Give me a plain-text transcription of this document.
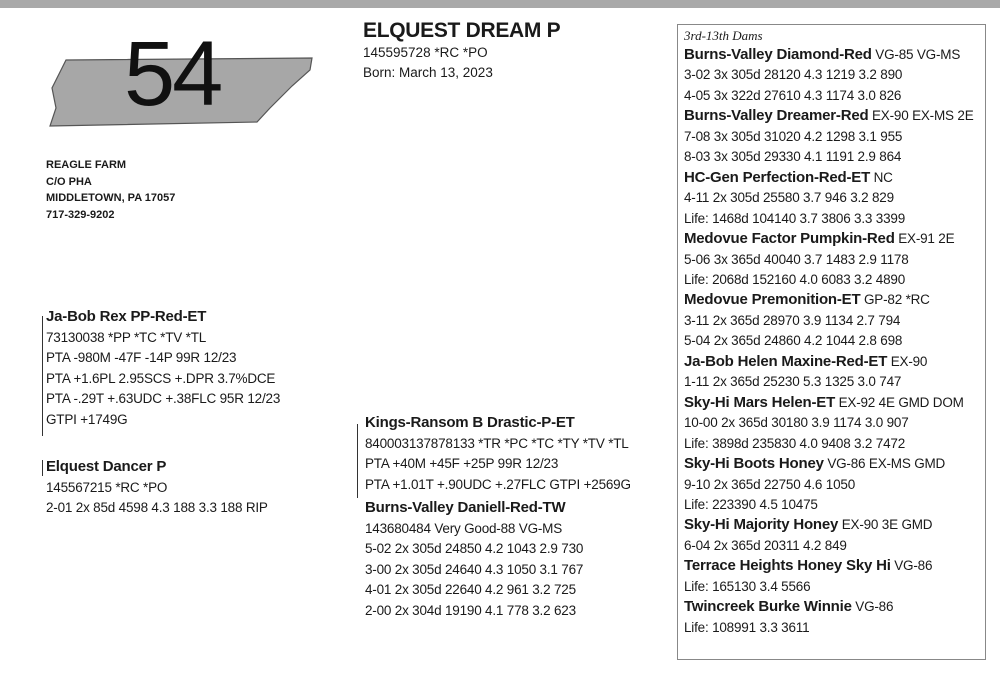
54
REAGLE FARM
C/O PHA
MIDDLETOWN, PA 17057
717-329-9202
ELQUEST DREAM P
145595728 *RC *PO
Born: March 13, 2023
Ja-Bob Rex PP-Red-ET
73130038 *PP *TC *TV *TL
PTA -980M -47F -14P 99R 12/23
PTA +1.6PL 2.95SCS +.DPR 3.7%DCE
PTA -.29T +.63UDC +.38FLC 95R 12/23
GTPI +1749G
Elquest Dancer P
145567215 *RC *PO
2-01 2x 85d 4598 4.3 188 3.3 188 RIP
Kings-Ransom B Drastic-P-ET
840003137878133 *TR *PC *TC *TY *TV *TL
PTA +40M +45F +25P 99R 12/23
PTA +1.01T +.90UDC +.27FLC GTPI +2569G
Burns-Valley Daniell-Red-TW
143680484 Very Good-88 VG-MS
5-02 2x 305d 24850 4.2 1043 2.9 730
3-00 2x 305d 24640 4.3 1050 3.1 767
4-01 2x 305d 22640 4.2 961 3.2 725
2-00 2x 304d 19190 4.1 778 3.2 623
3rd-13th Dams
Burns-Valley Diamond-Red VG-85 VG-MS
3-02 3x 305d 28120 4.3 1219 3.2 890
4-05 3x 322d 27610 4.3 1174 3.0 826
Burns-Valley Dreamer-Red EX-90 EX-MS 2E
7-08 3x 305d 31020 4.2 1298 3.1 955
8-03 3x 305d 29330 4.1 1191 2.9 864
HC-Gen Perfection-Red-ET NC
4-11 2x 305d 25580 3.7 946 3.2 829
Life: 1468d 104140 3.7 3806 3.3 3399
Medovue Factor Pumpkin-Red EX-91 2E
5-06 3x 365d 40040 3.7 1483 2.9 1178
Life: 2068d 152160 4.0 6083 3.2 4890
Medovue Premonition-ET GP-82 *RC
3-11 2x 365d 28970 3.9 1134 2.7 794
5-04 2x 365d 24860 4.2 1044 2.8 698
Ja-Bob Helen Maxine-Red-ET EX-90
1-11 2x 365d 25230 5.3 1325 3.0 747
Sky-Hi Mars Helen-ET EX-92 4E GMD DOM
10-00 2x 365d 30180 3.9 1174 3.0 907
Life: 3898d 235830 4.0 9408 3.2 7472
Sky-Hi Boots Honey VG-86 EX-MS GMD
9-10 2x 365d 22750 4.6 1050
Life: 223390 4.5 10475
Sky-Hi Majority Honey EX-90 3E GMD
6-04 2x 365d 20311 4.2 849
Terrace Heights Honey Sky Hi VG-86
Life: 165130 3.4 5566
Twincreek Burke Winnie VG-86
Life: 108991 3.3 3611
